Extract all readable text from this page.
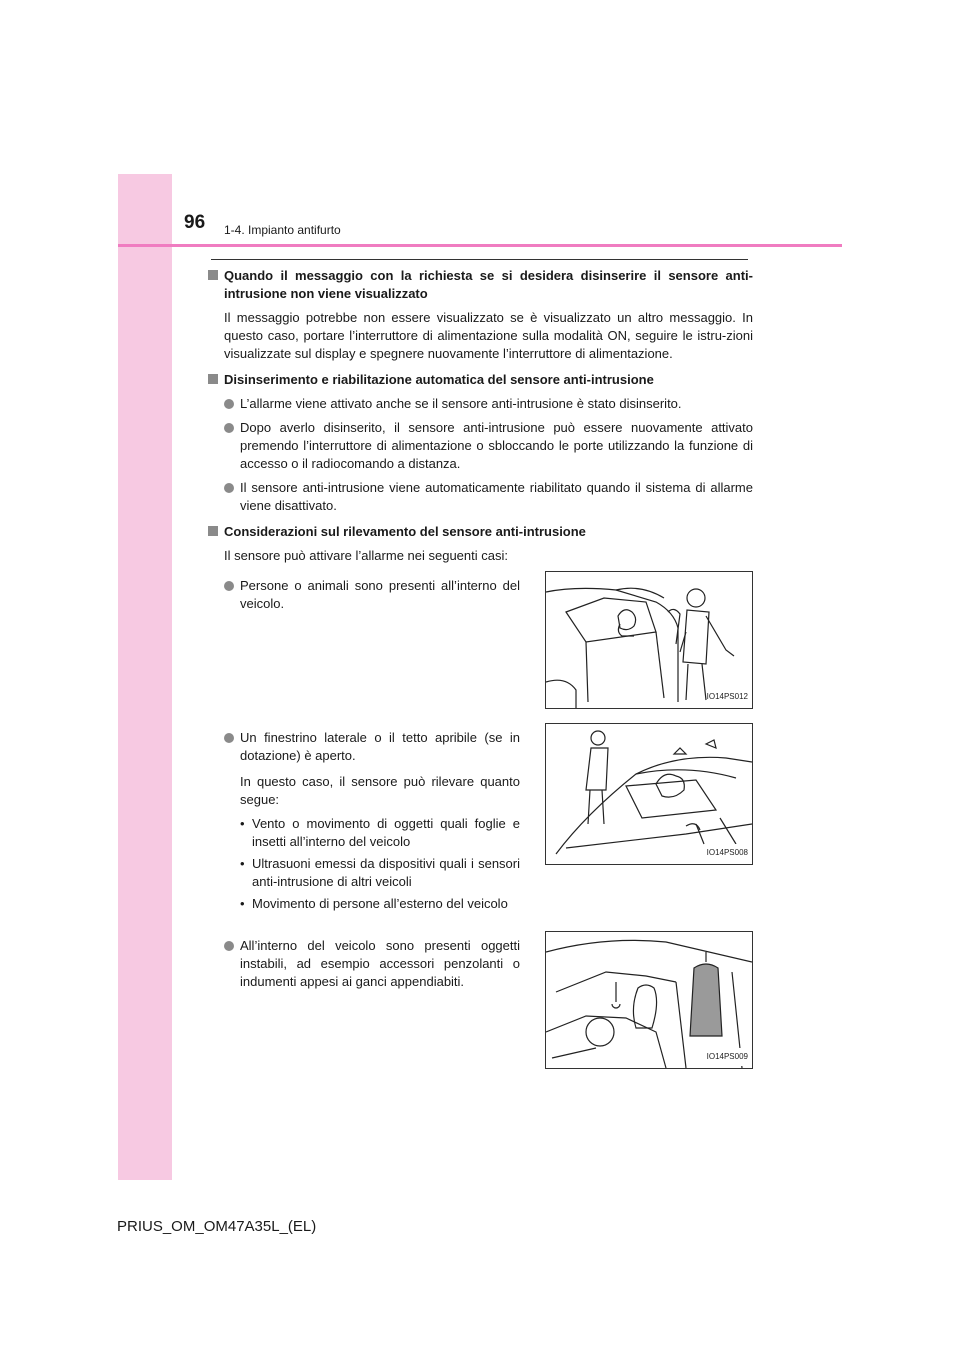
96 1-4. Impianto antifurto

Quando il messaggio con la richiesta se si desidera disinserire il sensore anti-intrusione non viene visualizzato

Il messaggio potrebbe non essere visualizzato se è visualizzato un altro messaggio. In questo caso, portare l’interruttore di alimentazione sulla modalità ON, seguire le istru-zioni visualizzate sul display e spegnere nuovamente l’interruttore di alimentazione.

Disinserimento e riabilitazione automatica del sensore anti-intrusione

L’allarme viene attivato anche se il sensore anti-intrusione è stato disinserito.
Dopo averlo disinserito, il sensore anti-intrusione può essere nuovamente attivato premendo l’interruttore di alimentazione o sbloccando le porte utilizzando la funzione di accesso o il radiocomando a distanza.
Il sensore anti-intrusione viene automaticamente riabilitato quando il sistema di allarme viene disattivato.

Considerazioni sul rilevamento del sensore anti-intrusione

Il sensore può attivare l’allarme nei seguenti casi:

Persone o animali sono presenti all’interno del veicolo.
IO14PS012
Un finestrino laterale o il tetto apribile (se in dotazione) è aperto.

In questo caso, il sensore può rilevare quanto segue:

• Vento o movimento di oggetti quali foglie e insetti all’interno del veicolo
• Ultrasuoni emessi da dispositivi quali i sensori anti-intrusione di altri veicoli
• Movimento di persone all’esterno del veicolo
IO14PS008
All’interno del veicolo sono presenti oggetti instabili, ad esempio accessori penzolanti o indumenti appesi ai ganci appendiabiti.
IO14PS009
PRIUS_OM_OM47A35L_(EL)
